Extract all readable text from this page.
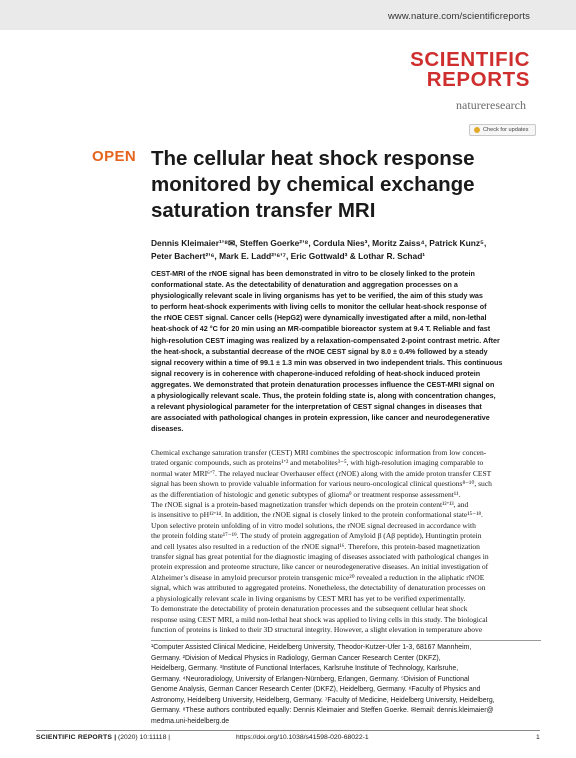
www.nature.com/scientificreports
SCIENTIFIC
REPORTS
natureresearch
Check for updates
OPEN The cellular heat shock response
monitored by chemical exchange
saturation transfer MRI
Dennis Kleimaier¹ʼ⁸✉, Steffen Goerke²ʼ⁸, Cordula Nies³, Moritz Zaiss⁴, Patrick Kunz⁵,
Peter Bachert²ʼ⁶, Mark E. Ladd²ʼ⁶ʼ⁷, Eric Gottwald³ & Lothar R. Schad¹
CEST-MRI of the rNOE signal has been demonstrated in vitro to be closely linked to the protein
conformational state. As the detectability of denaturation and aggregation processes on a
physiologically relevant scale in living organisms has yet to be verified, the aim of this study was
to perform heat-shock experiments with living cells to monitor the cellular heat-shock response of
the rNOE CEST signal. Cancer cells (HepG2) were dynamically investigated after a mild, non-lethal
heat-shock of 42 °C for 20 min using an MR-compatible bioreactor system at 9.4 T. Reliable and fast
high-resolution CEST imaging was realized by a relaxation-compensated 2-point contrast metric. After
the heat-shock, a substantial decrease of the rNOE CEST signal by 8.0 ± 0.4% followed by a steady
signal recovery within a time of 99.1 ± 1.3 min was observed in two independent trials. This continuous
signal recovery is in coherence with chaperone-induced refolding of heat-shock induced protein
aggregates. We demonstrated that protein denaturation processes influence the CEST-MRI signal on
a physiologically relevant scale. Thus, the protein folding state is, along with concentration changes,
a relevant physiological parameter for the interpretation of CEST signal changes in diseases that
are associated with pathological changes in protein expression, like cancer and neurodegenerative
diseases.
Chemical exchange saturation transfer (CEST) MRI combines the spectroscopic information from low concen-
trated organic compounds, such as proteins¹ʼ² and metabolites³⁻⁵, with high-resolution imaging comparable to
normal water MRI⁶ʼ⁷. The relayed nuclear Overhauser effect (rNOE) along with the amide proton transfer CEST
signal has been shown to provide valuable information for various neuro-oncological clinical questions⁸⁻¹⁰, such
as the differentiation of histologic and genetic subtypes of glioma⁹ or treatment response assessment¹¹.
The rNOE signal is a protein-based magnetization transfer which depends on the protein content¹²ʼ¹³, and
is insensitive to pH¹²ʼ¹⁴. In addition, the rNOE signal is closely linked to the protein conformational state¹⁵⁻¹⁸.
Upon selective protein unfolding of in vitro model solutions, the rNOE signal decreased in accordance with
the protein folding state¹⁷⁻¹⁹. The study of protein aggregation of Amyloid β (Aβ peptide), Huntingtin protein
and cell lysates also resulted in a reduction of the rNOE signal¹⁶. Therefore, this protein-based magnetization
transfer signal has great potential for the diagnostic imaging of diseases associated with pathological changes in
protein expression and proteome structure, like cancer or neurodegenerative diseases. An initial investigation of
Alzheimer’s disease in amyloid precursor protein transgenic mice²⁰ revealed a reduction in the aliphatic rNOE
signal, which was attributed to aggregated proteins. Nonetheless, the detectability of denaturation processes on
a physiologically relevant scale in living organisms by CEST MRI has yet to be verified experimentally.
To demonstrate the detectability of protein denaturation processes and the subsequent cellular heat shock
response using CEST MRI, a mild non-lethal heat shock was applied to living cells in this study. The biological
function of proteins is linked to their 3D structural integrity. However, a slight elevation in temperature above
¹Computer Assisted Clinical Medicine, Heidelberg University, Theodor-Kutzer-Ufer 1-3, 68167 Mannheim,
Germany. ²Division of Medical Physics in Radiology, German Cancer Research Center (DKFZ),
Heidelberg, Germany. ³Institute of Functional Interfaces, Karlsruhe Institute of Technology, Karlsruhe,
Germany. ⁴Neuroradiology, University of Erlangen-Nürnberg, Erlangen, Germany. ⁵Division of Functional
Genome Analysis, German Cancer Research Center (DKFZ), Heidelberg, Germany. ⁶Faculty of Physics and
Astronomy, Heidelberg University, Heidelberg, Germany. ⁷Faculty of Medicine, Heidelberg University, Heidelberg,
Germany. ⁸These authors contributed equally: Dennis Kleimaier and Steffen Goerke. ✉email: dennis.kleimaier@
medma.uni-heidelberg.de
SCIENTIFIC REPORTS | (2020) 10:11118 |	https://doi.org/10.1038/s41598-020-68022-1	1
